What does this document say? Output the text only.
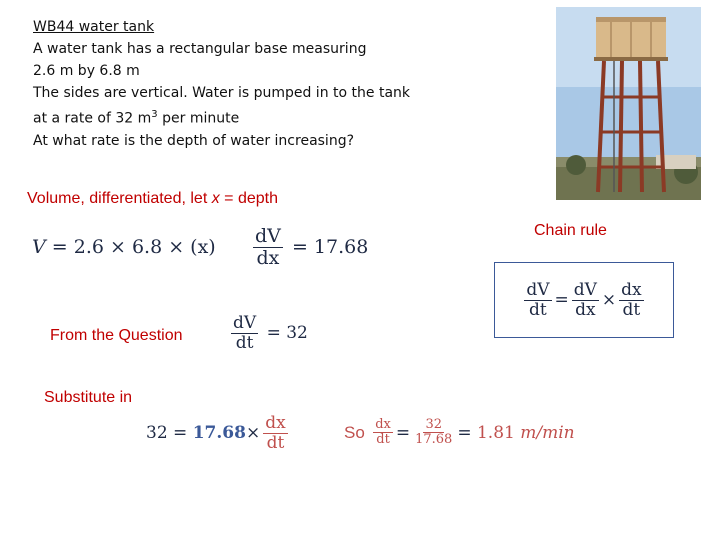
WB44 water tank
A water tank has a rectangular base measuring
2.6 m by 6.8 m
The sides are vertical. Water is pumped in to the tank
at a rate of 32 $m^3$ per minute
At what rate is the depth of water increasing?
Volume, differentiated, let x = depth
Chain rule
V
=
$2.6 \times 6.8 \times (x) \frac{dV}{dx}$
=
17.68
$\frac{dV}{dt} = \frac{dV}{dx} \times \frac{dx}{dt}$
From the Question	$\frac{dV}{dt}$
=
32
Substitute in
32
=
$17.68 \times \frac{dx}{dt}$	So
$\frac{dx}{dt} = \frac{32}{17.68}$ =
1.81
m/min
